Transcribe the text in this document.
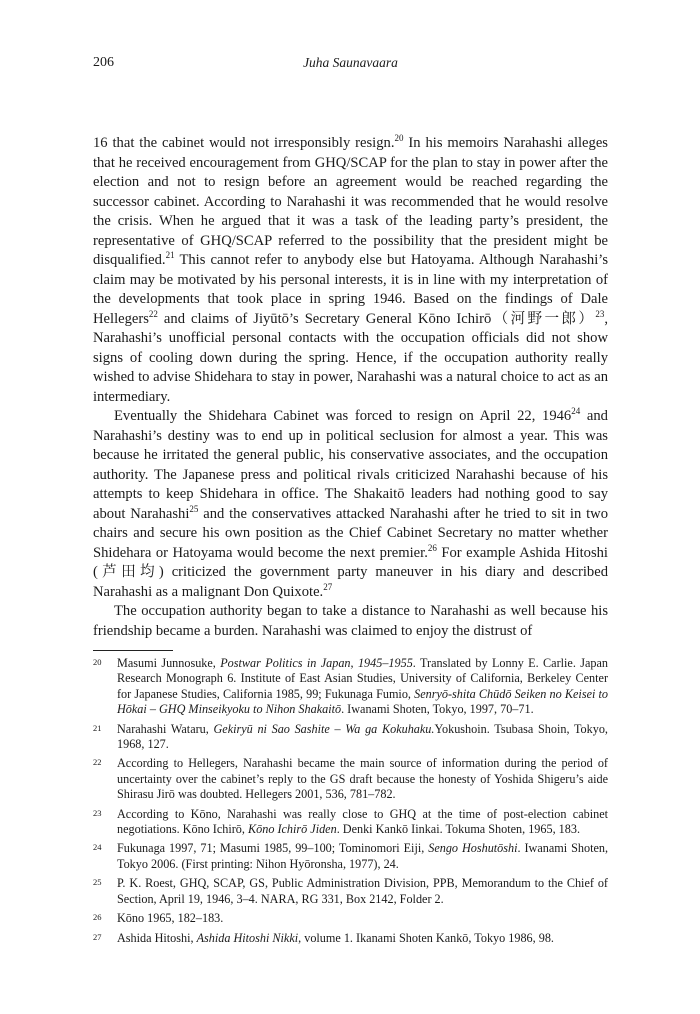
206	Juha Saunavaara

16 that the cabinet would not irresponsibly resign.$^{20}$ In his memoirs Narahashi alleges that he received encouragement from GHQ/SCAP for the plan to stay in power after the election and not to resign before an agreement would be reached regarding the successor cabinet. According to Narahashi it was recommended that he would resolve the crisis. When he argued that it was a task of the leading party’s president, the representative of GHQ/SCAP referred to the possibility that the president might be disqualified.$^{21}$ This cannot refer to anybody else but Hatoyama. Although Narahashi’s claim may be motivated by his personal interests, it is in line with my interpretation of the developments that took place in spring 1946. Based on the findings of Dale Hellegers$^{22}$ and claims of Jiyūtō’s Secretary General Kōno Ichirō（河野一郎）$^{23}$, Narahashi’s unofficial personal contacts with the occupation officials did not show signs of cooling down during the spring. Hence, if the occupation authority really wished to advise Shidehara to stay in power, Narahashi was a natural choice to act as an intermediary.

Eventually the Shidehara Cabinet was forced to resign on April 22, 1946$^{24}$ and Narahashi’s destiny was to end up in political seclusion for almost a year. This was because he irritated the general public, his conservative associates, and the occupation authority. The Japanese press and political rivals criticized Narahashi because of his attempts to keep Shidehara in office. The Shakaitō leaders had nothing good to say about Narahashi$^{25}$ and the conservatives attacked Narahashi after he tried to sit in two chairs and secure his own position as the Chief Cabinet Secretary no matter whether Shidehara or Hatoyama would become the next premier.$^{26}$ For example Ashida Hitoshi (芦田均) criticized the government party maneuver in his diary and described Narahashi as a malignant Don Quixote.$^{27}$

The occupation authority began to take a distance to Narahashi as well because his friendship became a burden. Narahashi was claimed to enjoy the distrust of

20	Masumi Junnosuke, Postwar Politics in Japan, 1945–1955. Translated by Lonny E. Carlie. Japan Research Monograph 6. Institute of East Asian Studies, University of California, Berkeley Center for Japanese Studies, California 1985, 99; Fukunaga Fumio, Senryō-shita Chūdō Seiken no Keisei to Hōkai – GHQ Minseikyoku to Nihon Shakaitō. Iwanami Shoten, Tokyo, 1997, 70–71.
21	Narahashi Wataru, Gekiryū ni Sao Sashite – Wa ga Kokuhaku.Yokushoin. Tsubasa Shoin, Tokyo, 1968, 127.
22	According to Hellegers, Narahashi became the main source of information during the period of uncertainty over the cabinet’s reply to the GS draft because the honesty of Yoshida Shigeru’s aide Shirasu Jirō was doubted. Hellegers 2001, 536, 781–782.
23	According to Kōno, Narahashi was really close to GHQ at the time of post-election cabinet negotiations. Kōno Ichirō, Kōno Ichirō Jiden. Denki Kankō Iinkai. Tokuma Shoten, 1965, 183.
24	Fukunaga 1997, 71; Masumi 1985, 99–100; Tominomori Eiji, Sengo Hoshutōshi. Iwanami Shoten, Tokyo 2006. (First printing: Nihon Hyōronsha, 1977), 24.
25	P. K. Roest, GHQ, SCAP, GS, Public Administration Division, PPB, Memorandum to the Chief of Section, April 19, 1946, 3–4. NARA, RG 331, Box 2142, Folder 2.
26	Kōno 1965, 182–183.
27	Ashida Hitoshi, Ashida Hitoshi Nikki, volume 1. Ikanami Shoten Kankō, Tokyo 1986, 98.
